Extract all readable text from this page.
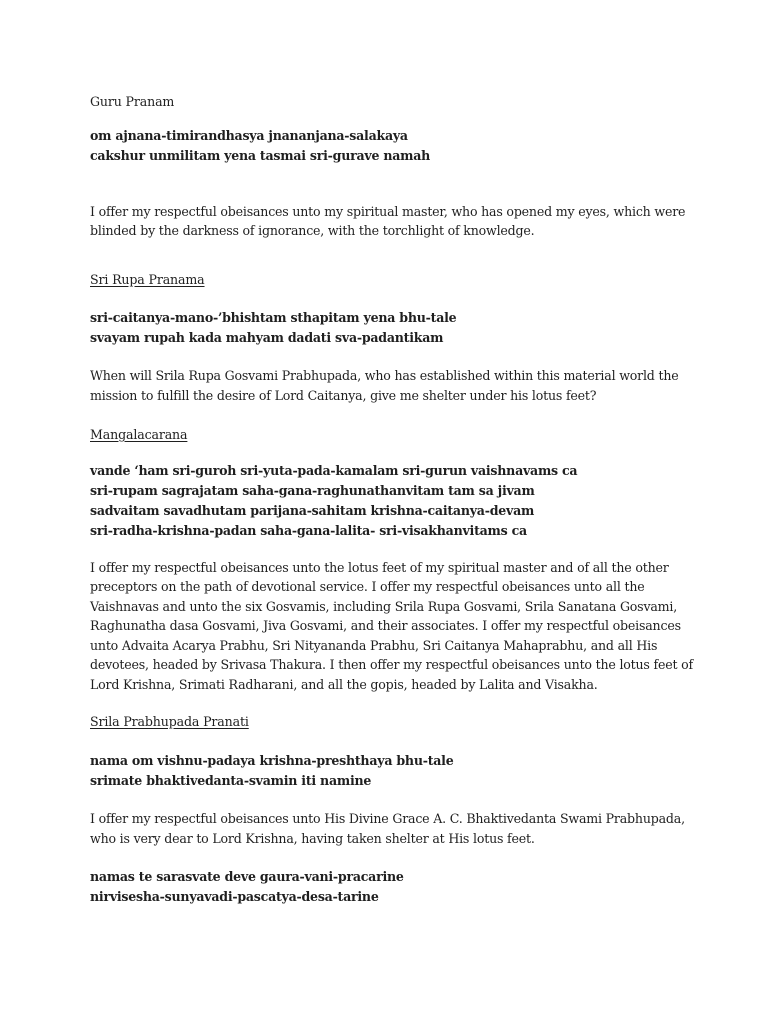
Guru Pranam
om ajnana-timirandhasya jnananjana-salakaya
cakshur unmilitam yena tasmai sri-gurave namah
I offer my respectful obeisances unto my spiritual master, who has opened my eyes, which were
blinded by the darkness of ignorance, with the torchlight of knowledge.
Sri Rupa Pranama
sri-caitanya-mano-’bhishtam sthapitam yena bhu-tale
svayam rupah kada mahyam dadati sva-padantikam
When will Srila Rupa Gosvami Prabhupada, who has established within this material world the
mission to fulfill the desire of Lord Caitanya, give me shelter under his lotus feet?
Mangalacarana
vande ‘ham sri-guroh sri-yuta-pada-kamalam sri-gurun vaishnavams ca
sri-rupam sagrajatam saha-gana-raghunathanvitam tam sa jivam
sadvaitam savadhutam parijana-sahitam krishna-caitanya-devam
sri-radha-krishna-padan saha-gana-lalita- sri-visakhanvitams ca
I offer my respectful obeisances unto the lotus feet of my spiritual master and of all the other
preceptors on the path of devotional service. I offer my respectful obeisances unto all the
Vaishnavas and unto the six Gosvamis, including Srila Rupa Gosvami, Srila Sanatana Gosvami,
Raghunatha dasa Gosvami, Jiva Gosvami, and their associates. I offer my respectful obeisances
unto Advaita Acarya Prabhu, Sri Nityananda Prabhu, Sri Caitanya Mahaprabhu, and all His
devotees, headed by Srivasa Thakura. I then offer my respectful obeisances unto the lotus feet of
Lord Krishna, Srimati Radharani, and all the gopis, headed by Lalita and Visakha.
Srila Prabhupada Pranati
nama om vishnu-padaya krishna-preshthaya bhu-tale
srimate bhaktivedanta-svamin iti namine
I offer my respectful obeisances unto His Divine Grace A. C. Bhaktivedanta Swami Prabhupada,
who is very dear to Lord Krishna, having taken shelter at His lotus feet.
namas te sarasvate deve gaura-vani-pracarine
nirvisesha-sunyavadi-pascatya-desa-tarine
